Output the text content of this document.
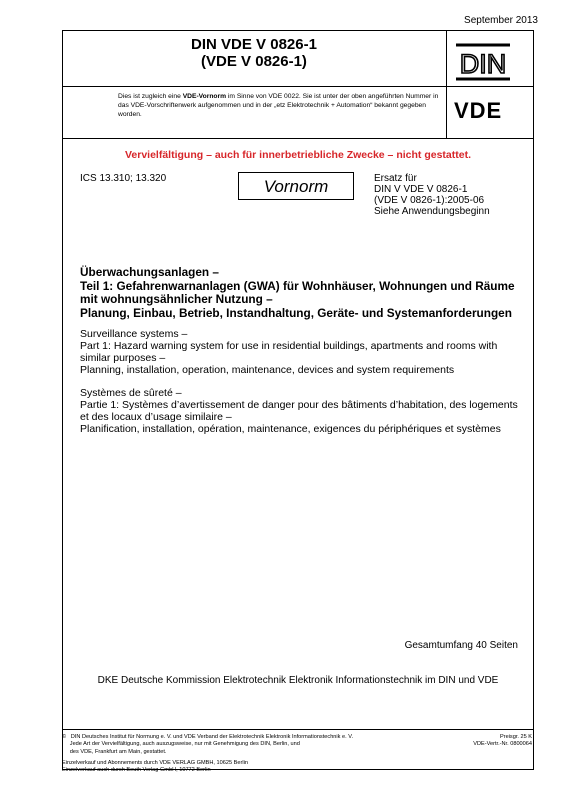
September 2013
DIN VDE V 0826-1
(VDE V 0826-1)	DIN
Dies ist zugleich eine VDE-Vornorm im Sinne von VDE 0022. Sie ist unter der oben angeführten Nummer in das VDE-Vorschriftenwerk aufgenommen und in der „etz Elektrotechnik + Automation“ bekannt gegeben worden.	VDE
Vervielfältigung – auch für innerbetriebliche Zwecke – nicht gestattet.
ICS 13.310; 13.320	Vornorm	Ersatz für
DIN V VDE V 0826-1
(VDE V 0826-1):2005-06
Siehe Anwendungsbeginn
Überwachungsanlagen –
Teil 1: Gefahrenwarnanlagen (GWA) für Wohnhäuser, Wohnungen und Räume
mit wohnungsähnlicher Nutzung –
Planung, Einbau, Betrieb, Instandhaltung, Geräte- und Systemanforderungen
Surveillance systems –
Part 1: Hazard warning system for use in residential buildings, apartments and rooms with
similar purposes –
Planning, installation, operation, maintenance, devices and system requirements
Systèmes de sûreté –
Partie 1: Systèmes d’avertissement de danger pour des bâtiments d’habitation, des logements
et des locaux d’usage similaire –
Planification, installation, opération, maintenance, exigences du périphériques et systèmes
Gesamtumfang 40 Seiten
DKE Deutsche Kommission Elektrotechnik Elektronik Informationstechnik im DIN und VDE
©   DIN Deutsches Institut für Normung e. V. und VDE Verband der Elektrotechnik Elektronik Informationstechnik e. V.
Jede Art der Vervielfältigung, auch auszugsweise, nur mit Genehmigung des DIN, Berlin, und
des VDE, Frankfurt am Main, gestattet.
Preisgr. 25 K
VDE-Vertr.-Nr. 0800064
Einzelverkauf und Abonnements durch VDE VERLAG GMBH, 10625 Berlin
Einzelverkauf auch durch Beuth Verlag GmbH, 10772 Berlin
